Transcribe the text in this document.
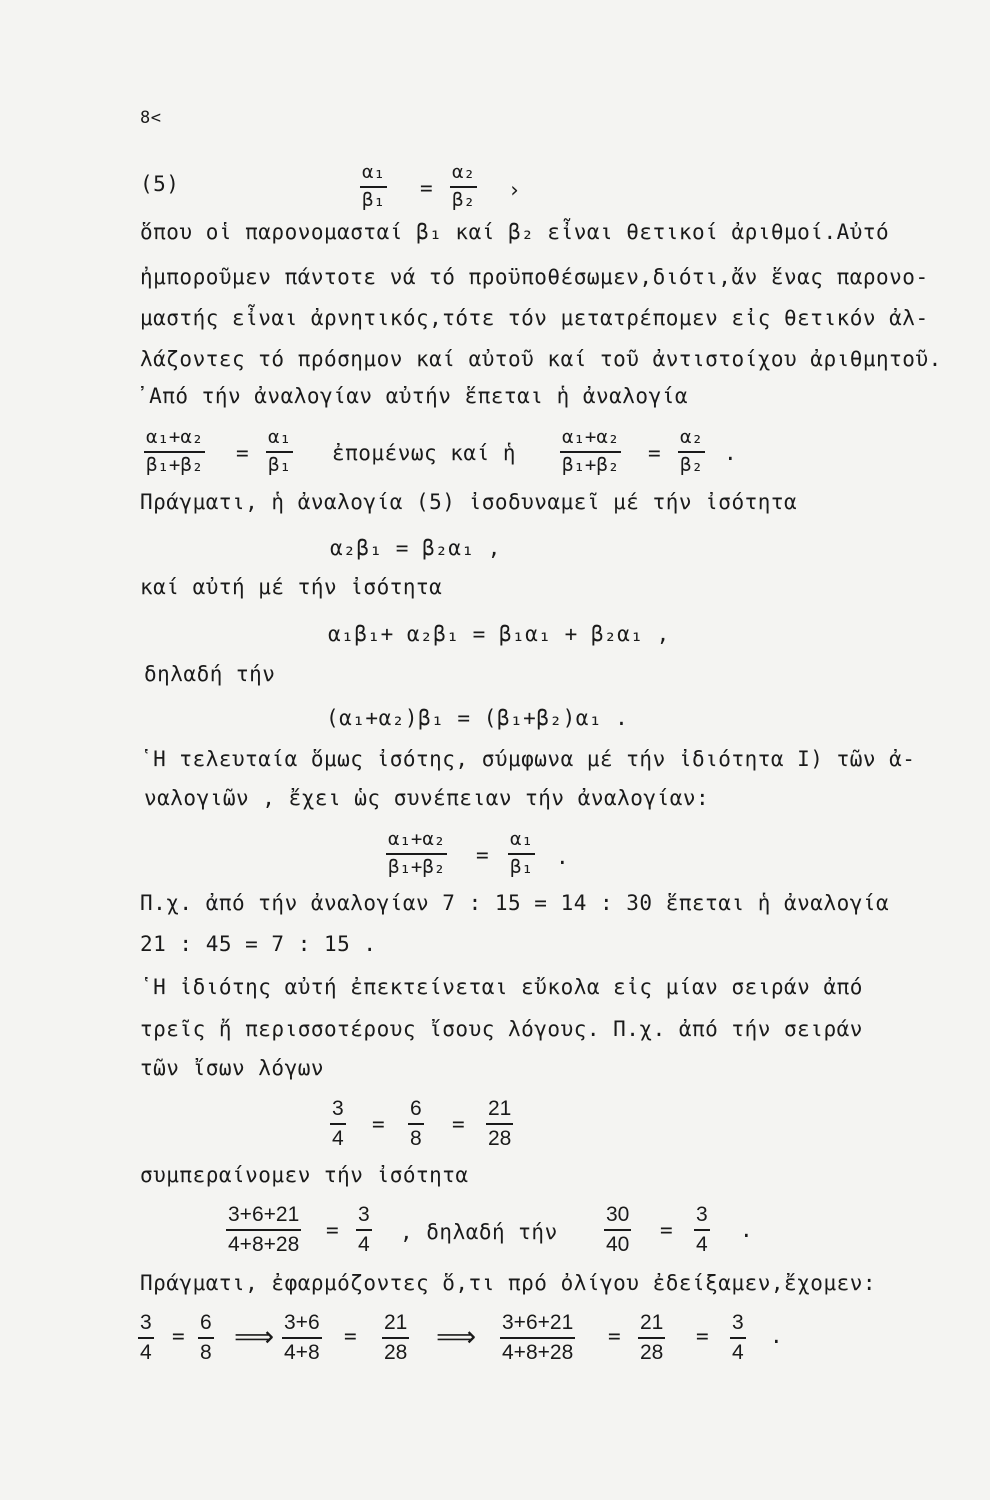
8<
(5)	α₁
β₁ =
α₂
β₂ ›
ὅπου οἱ παρονομασταί β₁ καί β₂ εἶναι θετικοί ἀριθμοί.Αὐτό
ἠμποροῦμεν πάντοτε νά τό προϋποθέσωμεν,διότι,ἄν ἕνας παρονο-
μαστής εἶναι ἀρνητικός,τότε τόν μετατρέπομεν εἰς θετικόν ἀλ-
λάζοντες τό πρόσημον καί αὐτοῦ καί τοῦ ἀντιστοίχου ἀριθμητοῦ.
᾿Από τήν ἀναλογίαν αὐτήν ἕπεται ἡ ἀναλογία
α₁+α₂
β₁+β₂ =
α₁
β₁ ἐπομένως καί ἡ
α₁+α₂
β₁+β₂ =
α₂
β₂ .
Πράγματι, ἡ ἀναλογία (5) ἰσοδυναμεῖ μέ τήν ἰσότητα
α₂β₁ = β₂α₁ ,
καί αὐτή μέ τήν ἰσότητα
α₁β₁+ α₂β₁ = β₁α₁ + β₂α₁ ,
δηλαδή τήν
(α₁+α₂)β₁ = (β₁+β₂)α₁ .
῾Η τελευταία ὅμως ἰσότης, σύμφωνα μέ τήν ἰδιότητα I) τῶν ἀ-
ναλογιῶν , ἔχει ὡς συνέπειαν τήν ἀναλογίαν:
α₁+α₂
β₁+β₂ =
α₁
β₁ .
Π.χ. ἀπό τήν ἀναλογίαν 7 : 15 = 14 : 30 ἕπεται ἡ ἀναλογία
21 : 45 = 7 : 15 .
῾Η ἰδιότης αὐτή ἐπεκτείνεται εὔκολα εἰς μίαν σειράν ἀπό
τρεῖς ἤ περισσοτέρους ἴσους λόγους. Π.χ. ἀπό τήν σειράν
τῶν ἴσων λόγων
3
4
=
6
8
=
21
28
συμπεραίνομεν τήν ἰσότητα
3+6+21
4+8+28
=
3
4
, δηλαδή τήν
30
40
=
3
4
.
Πράγματι, ἐφαρμόζοντες ὅ,τι πρό ὀλίγου ἐδείξαμεν,ἔχομεν:
3
4
=
6
8 ⟹ 3+6
4+8
=
21
28 ⟹ 3+6+21
4+8+28
=
21
28
=
3
4
.
